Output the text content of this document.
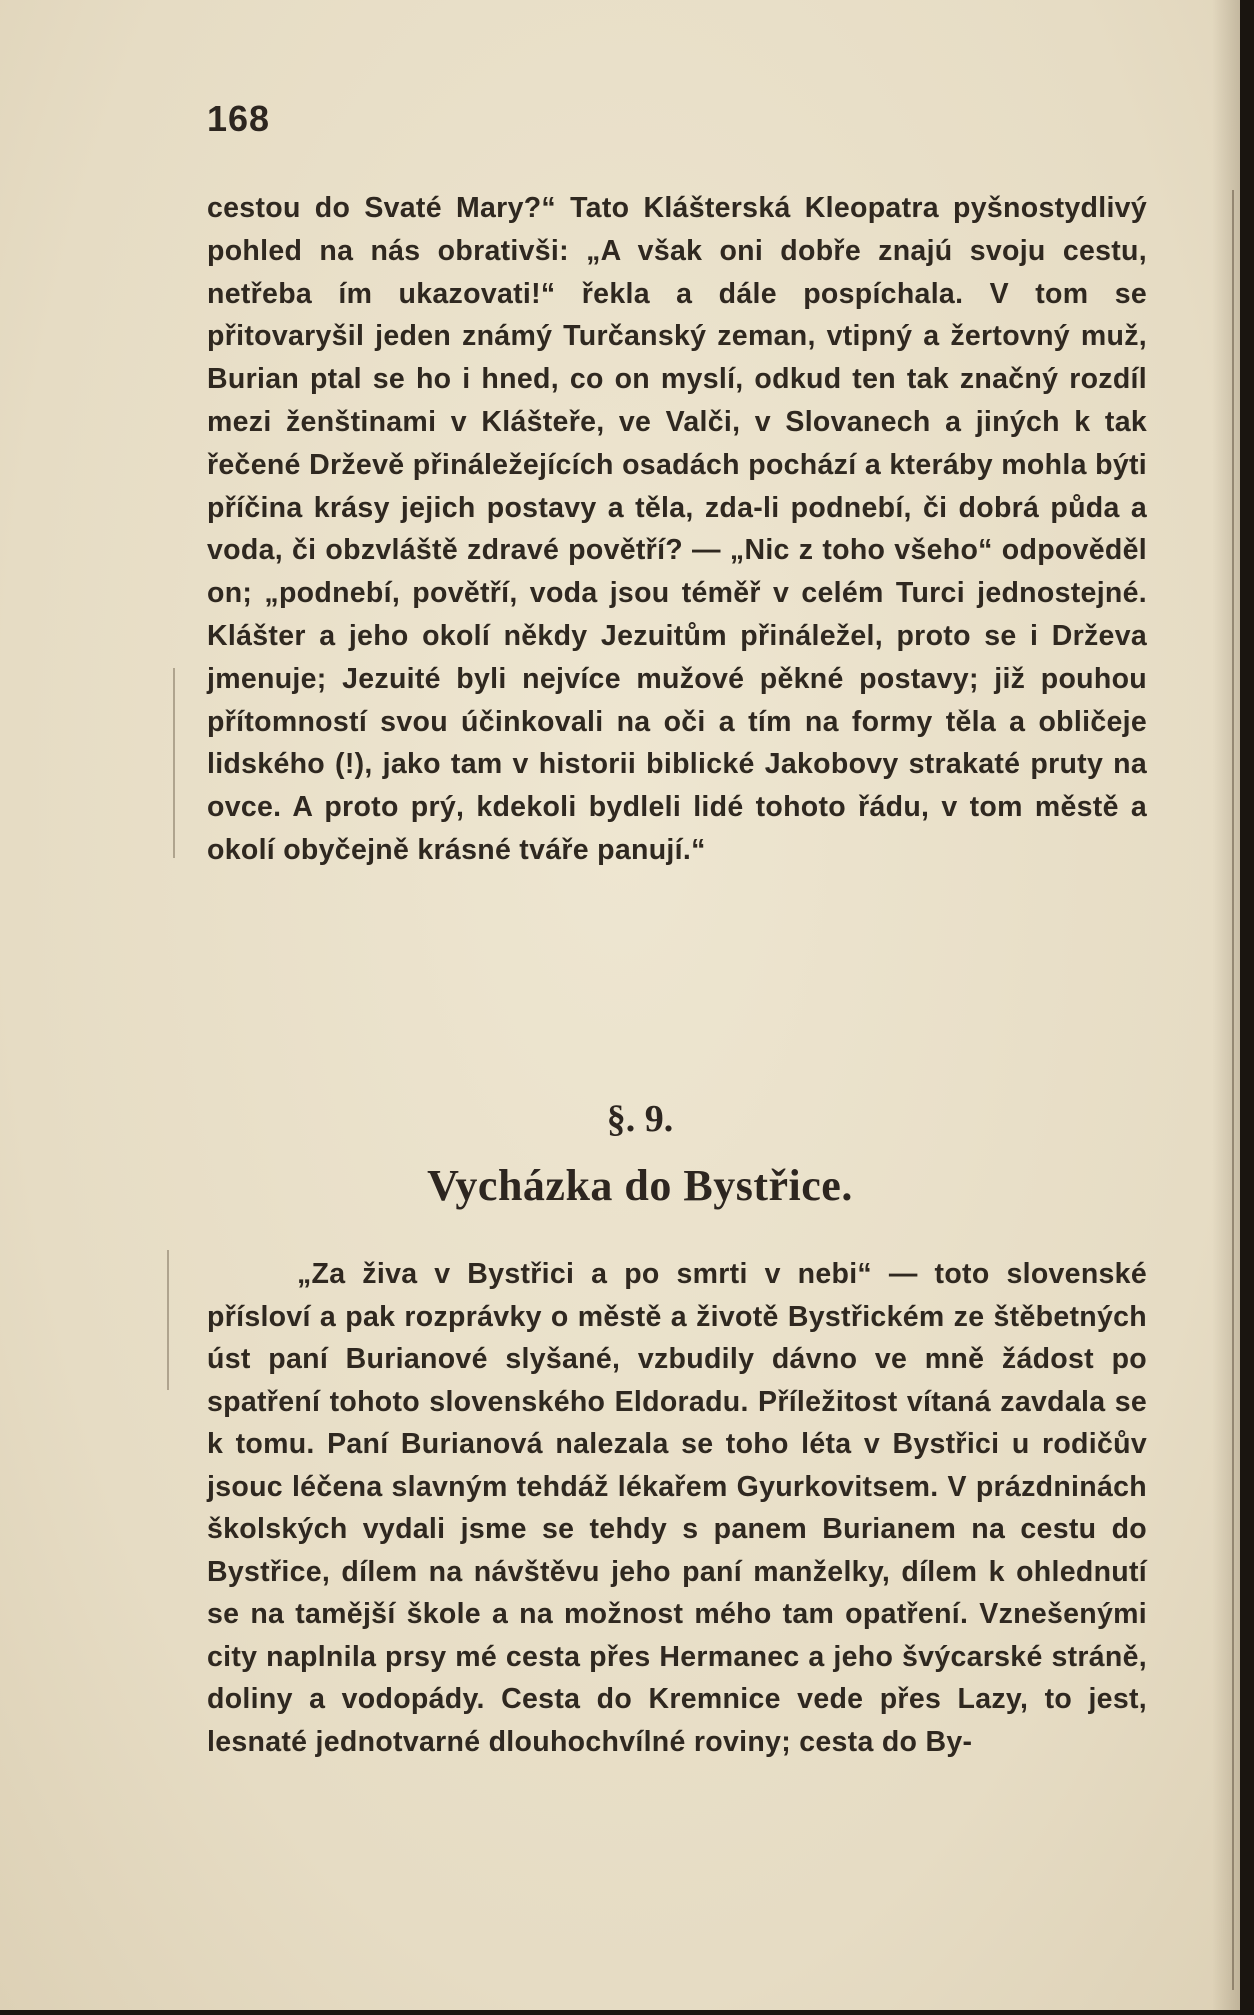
168

cestou do Svaté Mary?“ Tato Klášterská Kleopatra pyšnostydlivý pohled na nás obrativši: „A však oni dobře znajú svoju cestu, netřeba ím ukazovati!“ řekla a dále pospíchala. V tom se přitovaryšil jeden známý Turčanský zeman, vtipný a žertovný muž, Burian ptal se ho i hned, co on myslí, odkud ten tak značný rozdíl mezi ženštinami v Klášteře, ve Valči, v Slovanech a jiných k tak řečené Drževě přináležejících osadách pochází a kteráby mohla býti příčina krásy jejich postavy a těla, zda-li podnebí, či dobrá půda a voda, či obzvláště zdravé povětří? — „Nic z toho všeho“ odpověděl on; „podnebí, povětří, voda jsou téměř v celém Turci jednostejné. Klášter a jeho okolí někdy Jezuitům přináležel, proto se i Drževa jmenuje; Jezuité byli nejvíce mužové pěkné postavy; již pouhou přítomností svou účinkovali na oči a tím na formy těla a obličeje lidského (!), jako tam v historii biblické Jakobovy strakaté pruty na ovce. A proto prý, kdekoli bydleli lidé tohoto řádu, v tom městě a okolí obyčejně krásné tváře panují.“

§. 9.
Vycházka do Bystřice.

„Za živa v Bystřici a po smrti v nebi“ — toto slovenské přísloví a pak rozprávky o městě a životě Bystřickém ze štěbetných úst paní Burianové slyšané, vzbudily dávno ve mně žádost po spatření tohoto slovenského Eldoradu. Příležitost vítaná zavdala se k tomu. Paní Burianová nalezala se toho léta v Bystřici u rodičův jsouc léčena slavným tehdáž lékařem Gyurkovitsem. V prázdninách školských vydali jsme se tehdy s panem Burianem na cestu do Bystřice, dílem na návštěvu jeho paní manželky, dílem k ohlednutí se na tamější škole a na možnost mého tam opatření. Vznešenými city naplnila prsy mé cesta přes Hermanec a jeho švýcarské stráně, doliny a vodopády. Cesta do Kremnice vede přes Lazy, to jest, lesnaté jednotvarné dlouhochvílné roviny; cesta do By-
